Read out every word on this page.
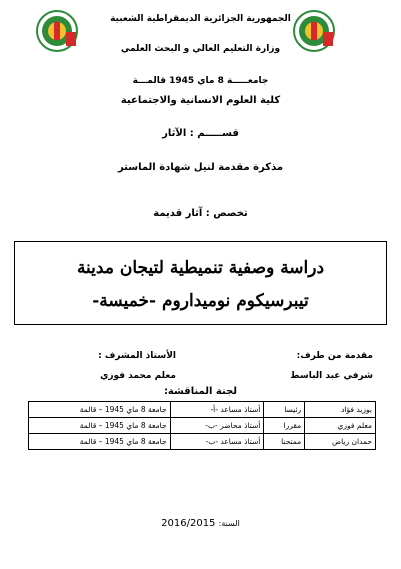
الجمهورية الجزائرية الديمقراطية الشعبية
وزارة التعليم العالي و البحث العلمي
جامعـــــة 8 ماي 1945 قالمـــة
كلية العلوم الانسانية والاجتماعية
قســـــم : الآثار
مذكرة مقدمة لنيل شهادة الماستر
تخصص : آثار قديمة
دراسة وصفية تنميطية لتيجان مدينة
تيبرسيكوم نوميداروم -خميسة-
مقدمة من طرف:
شرفي عبد الباسط
الأستاذ المشرف :
معلم محمد فوزي
لجنة المناقشة:
بوزيد فؤاد	رئيسا	أستاذ مساعد -أ-	جامعة 8 ماي 1945 – قالمة
معلم فوزي	مقررا	أستاذ محاضر -ب-	جامعة 8 ماي 1945 – قالمة
حمدان رياض	ممتحنا	أستاذ مساعد -ب-	جامعة 8 ماي 1945 – قالمة
السنة: 2016/2015
